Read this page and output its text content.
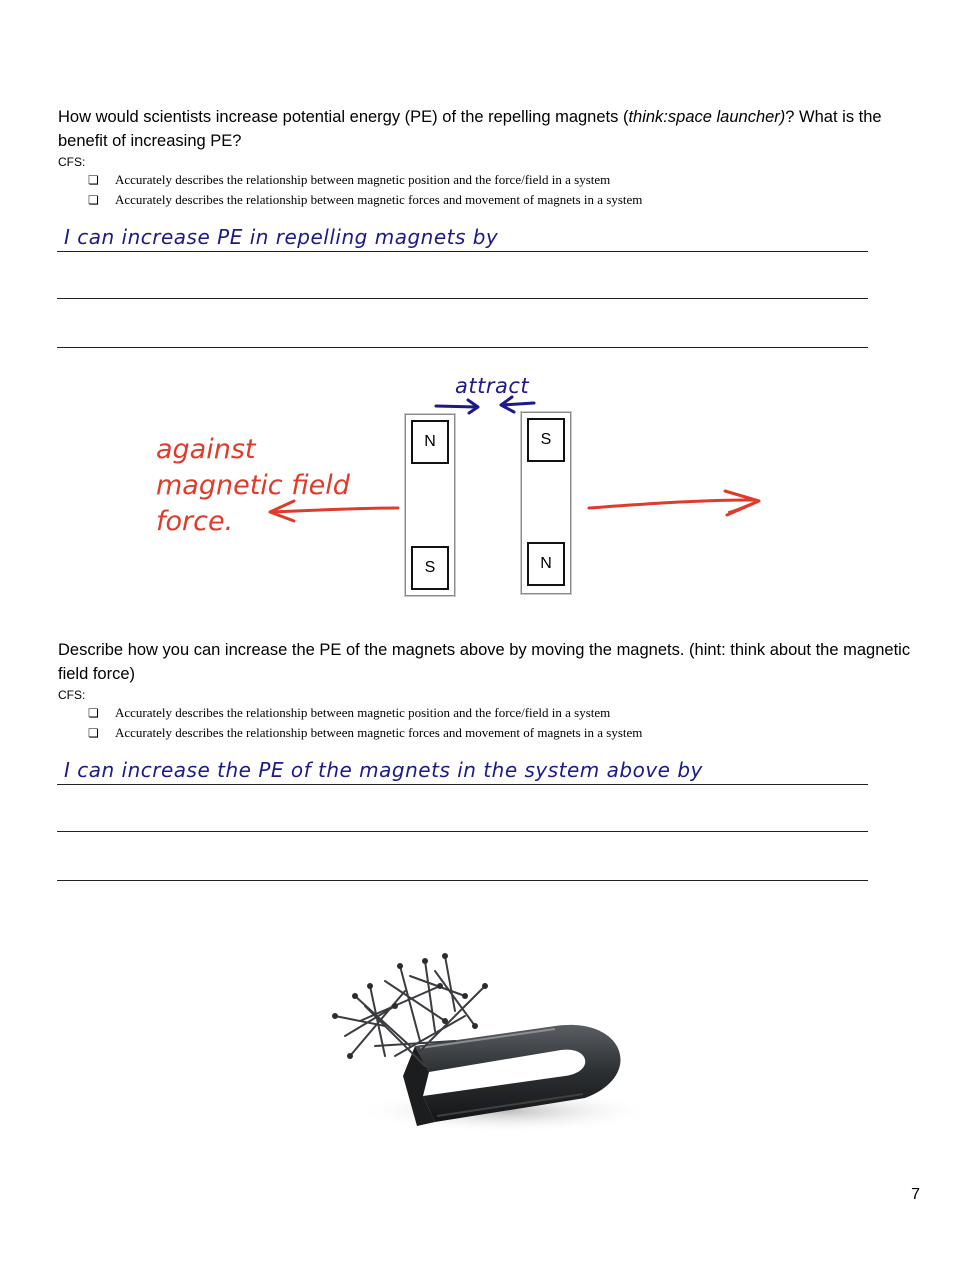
How would scientists increase potential energy (PE) of the repelling magnets (think:space launcher)? What is the benefit of increasing PE?
CFS:
❏ Accurately describes the relationship between magnetic position and the force/field in a system
❏ Accurately describes the relationship between magnetic forces and movement of magnets in a system
I can increase PE in repelling magnets by
attract
against
magnetic field
force.
N
S
S
N
Describe how you can increase the PE of the magnets above by moving the magnets. (hint: think about the magnetic field force)
CFS:
❏ Accurately describes the relationship between magnetic position and the force/field in a system
❏ Accurately describes the relationship between magnetic forces and movement of magnets in a system
I can increase the PE of the magnets in the system above by
7
